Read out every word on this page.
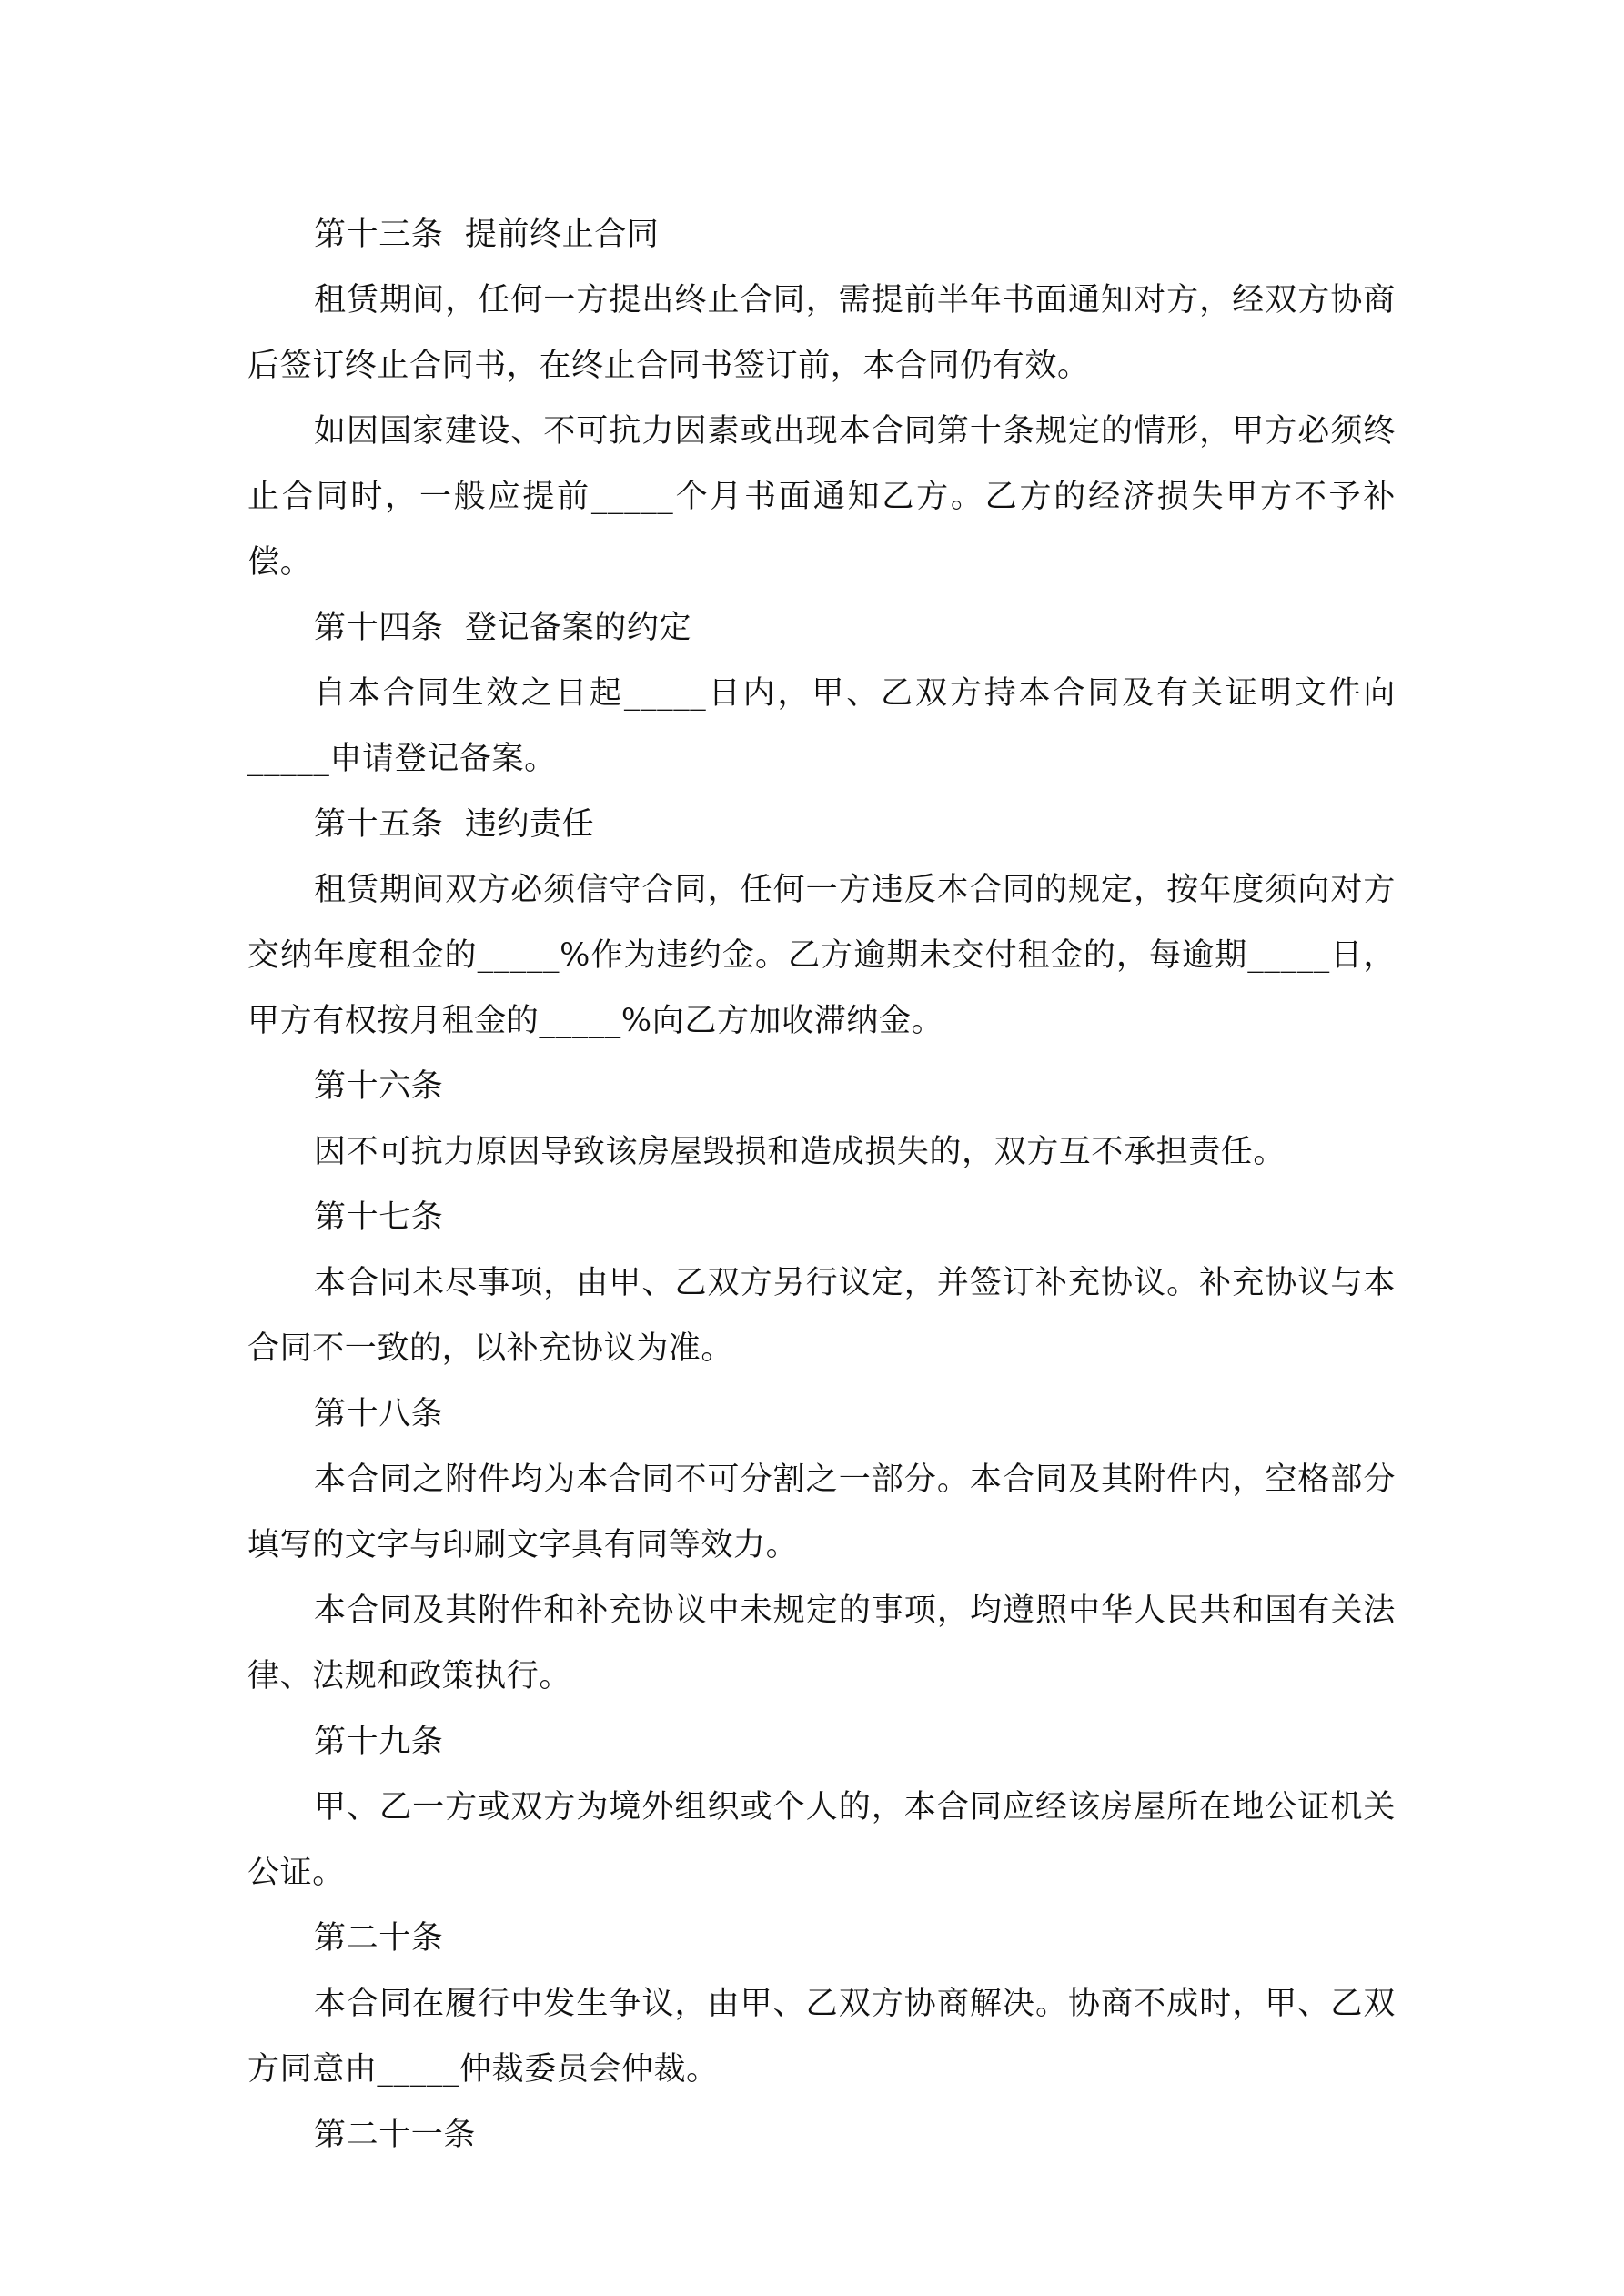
第十三条  提前终止合同

租赁期间，任何一方提出终止合同，需提前半年书面通知对方，经双方协商后签订终止合同书，在终止合同书签订前，本合同仍有效。

如因国家建设、不可抗力因素或出现本合同第十条规定的情形，甲方必须终止合同时，一般应提前_____个月书面通知乙方。乙方的经济损失甲方不予补偿。

第十四条  登记备案的约定

自本合同生效之日起_____日内，甲、乙双方持本合同及有关证明文件向_____申请登记备案。

第十五条  违约责任

租赁期间双方必须信守合同，任何一方违反本合同的规定，按年度须向对方交纳年度租金的_____%作为违约金。乙方逾期未交付租金的，每逾期_____日，甲方有权按月租金的_____%向乙方加收滞纳金。

第十六条

因不可抗力原因导致该房屋毁损和造成损失的，双方互不承担责任。

第十七条

本合同未尽事项，由甲、乙双方另行议定，并签订补充协议。补充协议与本合同不一致的，以补充协议为准。

第十八条

本合同之附件均为本合同不可分割之一部分。本合同及其附件内，空格部分填写的文字与印刷文字具有同等效力。

本合同及其附件和补充协议中未规定的事项，均遵照中华人民共和国有关法律、法规和政策执行。

第十九条

甲、乙一方或双方为境外组织或个人的，本合同应经该房屋所在地公证机关公证。

第二十条

本合同在履行中发生争议，由甲、乙双方协商解决。协商不成时，甲、乙双方同意由_____仲裁委员会仲裁。

第二十一条
